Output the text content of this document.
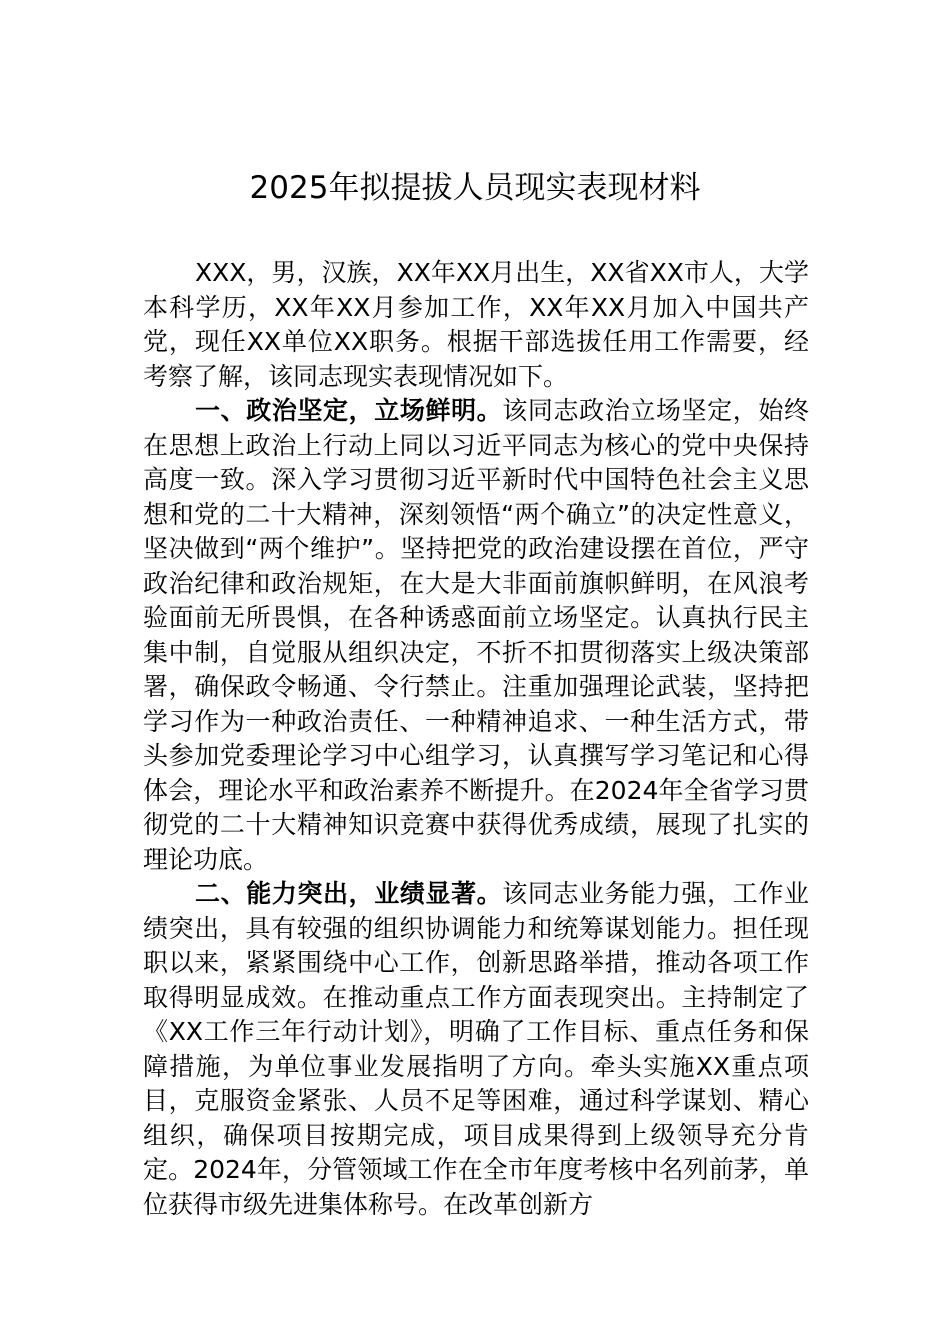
2025年拟提拔人员现实表现材料

XXX，男，汉族，XX年XX月出生，XX省XX市人，大学本科学历，XX年XX月参加工作，XX年XX月加入中国共产党，现任XX单位XX职务。根据干部选拔任用工作需要，经考察了解，该同志现实表现情况如下。

一、政治坚定，立场鲜明。该同志政治立场坚定，始终在思想上政治上行动上同以习近平同志为核心的党中央保持高度一致。深入学习贯彻习近平新时代中国特色社会主义思想和党的二十大精神，深刻领悟“两个确立”的决定性意义，坚决做到“两个维护”。坚持把党的政治建设摆在首位，严守政治纪律和政治规矩，在大是大非面前旗帜鲜明，在风浪考验面前无所畏惧，在各种诱惑面前立场坚定。认真执行民主集中制，自觉服从组织决定，不折不扣贯彻落实上级决策部署，确保政令畅通、令行禁止。注重加强理论武装，坚持把学习作为一种政治责任、一种精神追求、一种生活方式，带头参加党委理论学习中心组学习，认真撰写学习笔记和心得体会，理论水平和政治素养不断提升。在2024年全省学习贯彻党的二十大精神知识竞赛中获得优秀成绩，展现了扎实的理论功底。

二、能力突出，业绩显著。该同志业务能力强，工作业绩突出，具有较强的组织协调能力和统筹谋划能力。担任现职以来，紧紧围绕中心工作，创新思路举措，推动各项工作取得明显成效。在推动重点工作方面表现突出。主持制定了《XX工作三年行动计划》，明确了工作目标、重点任务和保障措施，为单位事业发展指明了方向。牵头实施XX重点项目，克服资金紧张、人员不足等困难，通过科学谋划、精心组织，确保项目按期完成，项目成果得到上级领导充分肯定。2024年，分管领域工作在全市年度考核中名列前茅，单位获得市级先进集体称号。在改革创新方
